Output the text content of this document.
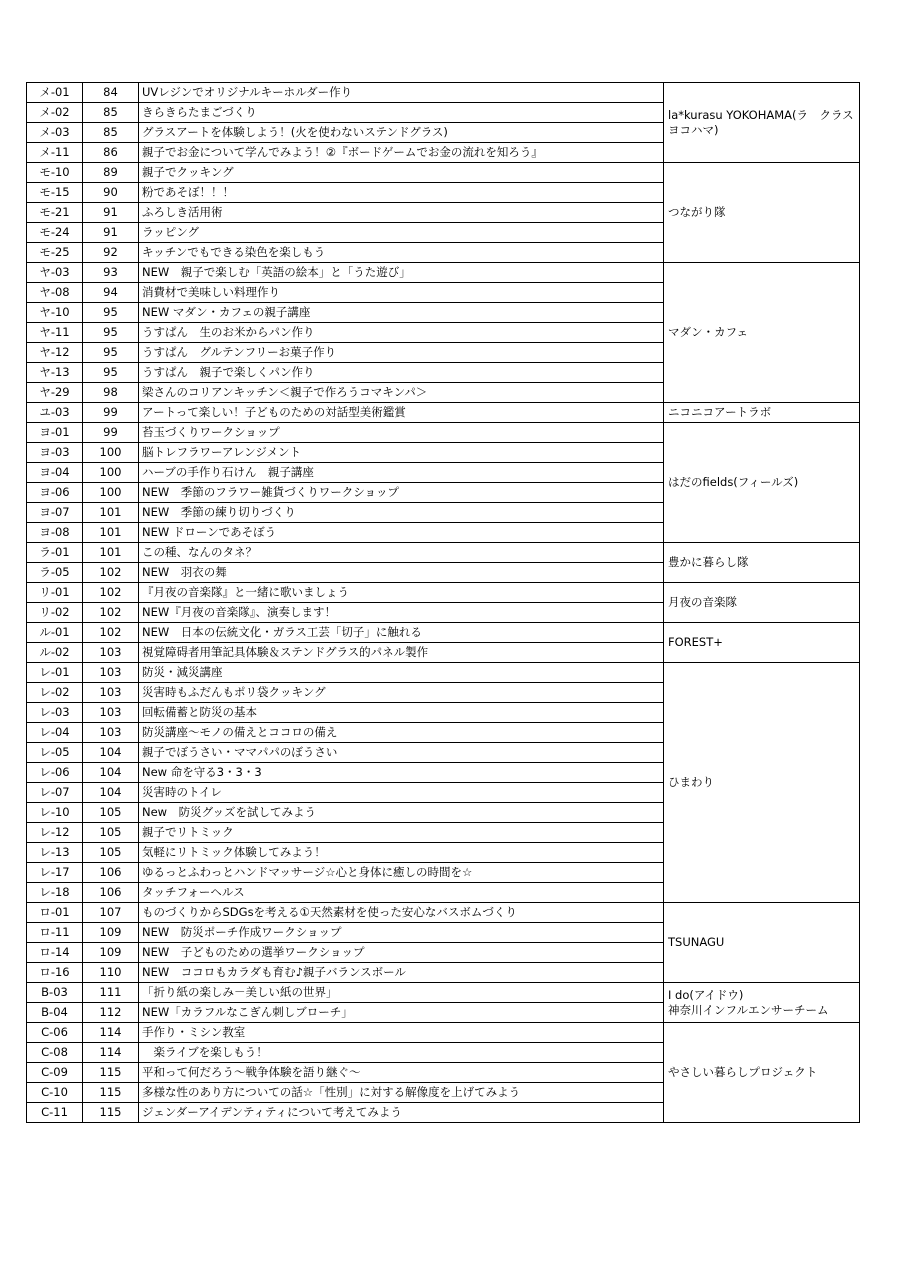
メ-01	84	UVレジンでオリジナルキーホルダー作り	la*kurasu YOKOHAMA(ラ　クラス　ヨコハマ)
メ-02	85	きらきらたまごづくり	
メ-03	85	グラスアートを体験しよう！(火を使わないステンドグラス)	
メ-11	86	親子でお金について学んでみよう！②『ボードゲームでお金の流れを知ろう』	
モ-10	89	親子でクッキング	つながり隊
モ-15	90	粉であそぼ！！！	
モ-21	91	ふろしき活用術	
モ-24	91	ラッピング	
モ-25	92	キッチンでもできる染色を楽しもう	
ヤ-03	93	NEW　親子で楽しむ「英語の絵本」と「うた遊び」	マダン・カフェ
ヤ-08	94	消費材で美味しい料理作り	
ヤ-10	95	NEW マダン・カフェの親子講座	
ヤ-11	95	うすぱん　生のお米からパン作り	
ヤ-12	95	うすぱん　グルテンフリーお菓子作り	
ヤ-13	95	うすぱん　親子で楽しくパン作り	
ヤ-29	98	梁さんのコリアンキッチン＜親子で作ろうコマキンパ＞	
ユ-03	99	アートって楽しい！子どものための対話型美術鑑賞	ニコニコアートラボ
ヨ-01	99	苔玉づくりワークショップ	はだのfields(フィールズ)
ヨ-03	100	脳トレフラワーアレンジメント	
ヨ-04	100	ハーブの手作り石けん　親子講座	
ヨ-06	100	NEW　季節のフラワー雑貨づくりワークショップ	
ヨ-07	101	NEW　季節の練り切りづくり	
ヨ-08	101	NEW ドローンであそぼう	
ラ-01	101	この種、なんのタネ？	豊かに暮らし隊
ラ-05	102	NEW　羽衣の舞	
リ-01	102	『月夜の音楽隊』と一緒に歌いましょう	月夜の音楽隊
リ-02	102	NEW『月夜の音楽隊』、演奏します！	
ル-01	102	NEW　日本の伝統文化・ガラス工芸「切子」に触れる	FOREST+
ル-02	103	視覚障碍者用筆記具体験＆ステンドグラス的パネル製作	
レ-01	103	防災・減災講座	ひまわり
レ-02	103	災害時もふだんもポリ袋クッキング	
レ-03	103	回転備蓄と防災の基本	
レ-04	103	防災講座～モノの備えとココロの備え	
レ-05	104	親子でぼうさい・ママパパのぼうさい	
レ-06	104	New 命を守る3・3・3	
レ-07	104	災害時のトイレ	
レ-10	105	New　防災グッズを試してみよう	
レ-12	105	親子でリトミック	
レ-13	105	気軽にリトミック体験してみよう！	
レ-17	106	ゆるっとふわっとハンドマッサージ☆心と身体に癒しの時間を☆	
レ-18	106	タッチフォーヘルス	
ロ-01	107	ものづくりからSDGsを考える①天然素材を使った安心なバスボムづくり	TSUNAGU
ロ-11	109	NEW　防災ポーチ作成ワークショップ	
ロ-14	109	NEW　子どものための選挙ワークショップ	
ロ-16	110	NEW　ココロもカラダも育む♪親子バランスボール	
B-03	111	「折り紙の楽しみ－美しい紙の世界」	I do(アイドウ)
神奈川インフルエンサーチーム
B-04	112	NEW「カラフルなこぎん刺しブローチ」	
C-06	114	手作り・ミシン教室	やさしい暮らしプロジェクト
C-08	114	　楽ライブを楽しもう！	
C-09	115	平和って何だろう～戦争体験を語り継ぐ～	
C-10	115	多様な性のあり方についての話☆「性別」に対する解像度を上げてみよう	
C-11	115	ジェンダーアイデンティティについて考えてみよう	
